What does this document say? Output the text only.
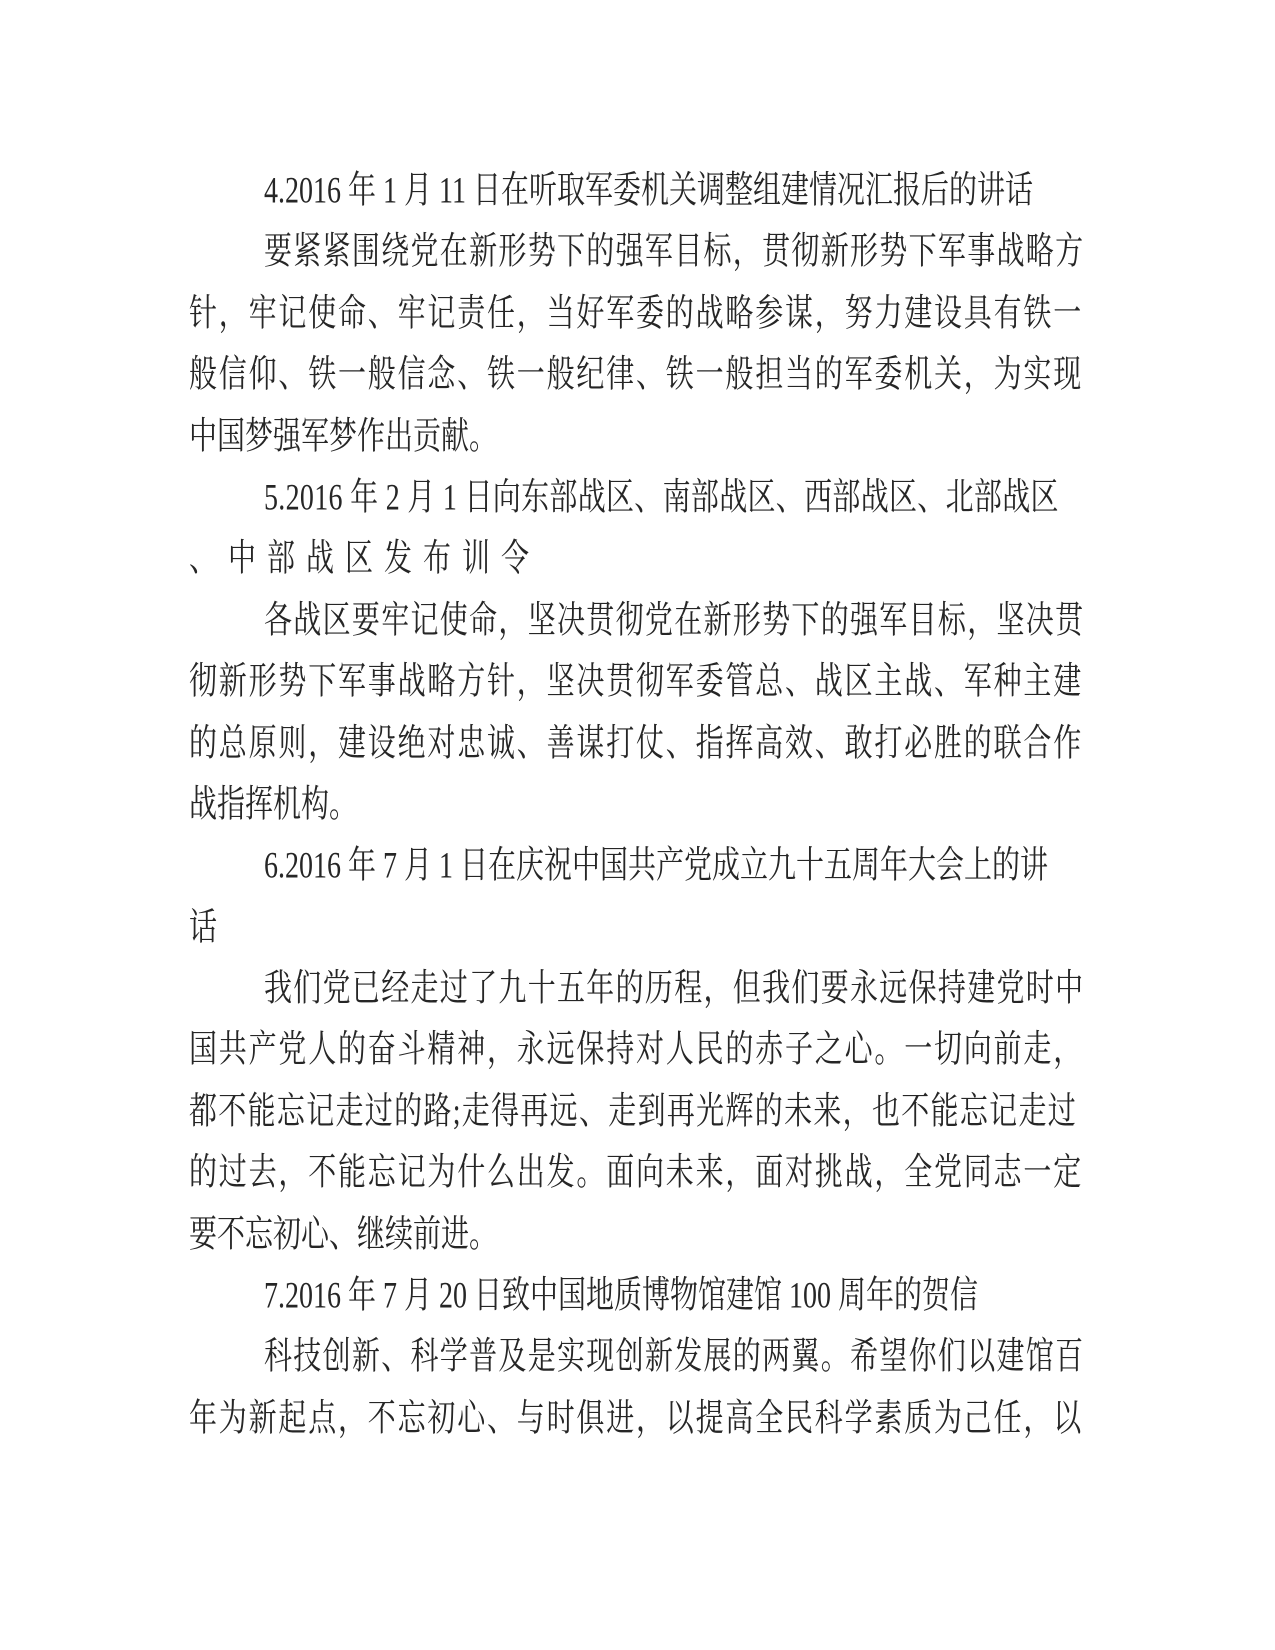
4.2016 年 1 月 11 日在听取军委机关调整组建情况汇报后的讲话
要紧紧围绕党在新形势下的强军目标，贯彻新形势下军事战略方
针，牢记使命、牢记责任，当好军委的战略参谋，努力建设具有铁一
般信仰、铁一般信念、铁一般纪律、铁一般担当的军委机关，为实现
中国梦强军梦作出贡献。
5.2016 年 2 月 1 日向东部战区、南部战区、西部战区、北部战区
、中部战区发布训令
各战区要牢记使命，坚决贯彻党在新形势下的强军目标，坚决贯
彻新形势下军事战略方针，坚决贯彻军委管总、战区主战、军种主建
的总原则，建设绝对忠诚、善谋打仗、指挥高效、敢打必胜的联合作
战指挥机构。
6.2016 年 7 月 1 日在庆祝中国共产党成立九十五周年大会上的讲
话
我们党已经走过了九十五年的历程，但我们要永远保持建党时中
国共产党人的奋斗精神，永远保持对人民的赤子之心。一切向前走，
都不能忘记走过的路;走得再远、走到再光辉的未来，也不能忘记走过
的过去，不能忘记为什么出发。面向未来，面对挑战，全党同志一定
要不忘初心、继续前进。
7.2016 年 7 月 20 日致中国地质博物馆建馆 100 周年的贺信
科技创新、科学普及是实现创新发展的两翼。希望你们以建馆百
年为新起点，不忘初心、与时俱进，以提高全民科学素质为己任，以
